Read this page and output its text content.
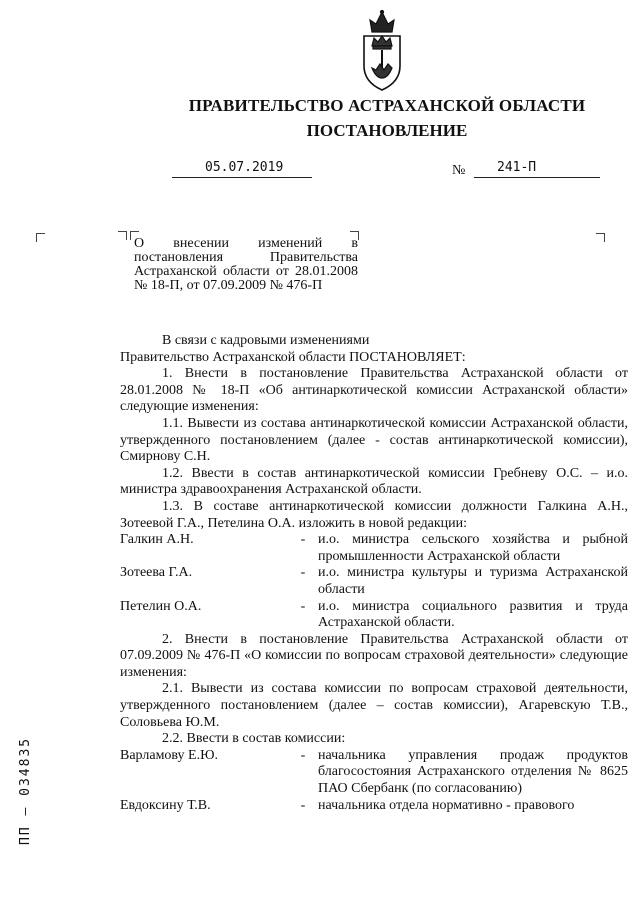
ПРАВИТЕЛЬСТВО АСТРАХАНСКОЙ ОБЛАСТИ
ПОСТАНОВЛЕНИЕ
05.07.2019	№ 241-П
О внесении изменений в постановления Правительства Астраханской области от 28.01.2008 № 18-П, от 07.09.2009 № 476-П

В связи с кадровыми изменениями

Правительство Астраханской области ПОСТАНОВЛЯЕТ:

1. Внести в постановление Правительства Астраханской области от 28.01.2008 № 18-П «Об антинаркотической комиссии Астраханской области» следующие изменения:

1.1. Вывести из состава антинаркотической комиссии Астраханской области, утвержденного постановлением (далее - состав антинаркотической комиссии), Смирнову С.Н.

1.2. Ввести в состав антинаркотической комиссии Гребневу О.С. – и.о. министра здравоохранения Астраханской области.

1.3. В составе антинаркотической комиссии должности Галкина А.Н., Зотеевой Г.А., Петелина О.А. изложить в новой редакции:

Галкин А.Н.	- и.о. министра сельского хозяйства и рыбной промышленности Астраханской области
Зотеева Г.А.	- и.о. министра культуры и туризма Астраханской области
Петелин О.А.	- и.о. министра социального развития и труда Астраханской области.

2. Внести в постановление Правительства Астраханской области от 07.09.2009 № 476-П «О комиссии по вопросам страховой деятельности» следующие изменения:

2.1. Вывести из состава комиссии по вопросам страховой деятельности, утвержденного постановлением (далее – состав комиссии), Агаревскую Т.В., Соловьева Ю.М.

2.2. Ввести в состав комиссии:

Варламову Е.Ю.	- начальника управления продаж продуктов благосостояния Астраханского отделения № 8625 ПАО Сбербанк (по согласованию)
Евдоксину Т.В.	- начальника отдела нормативно - правового
ПП – 034835
